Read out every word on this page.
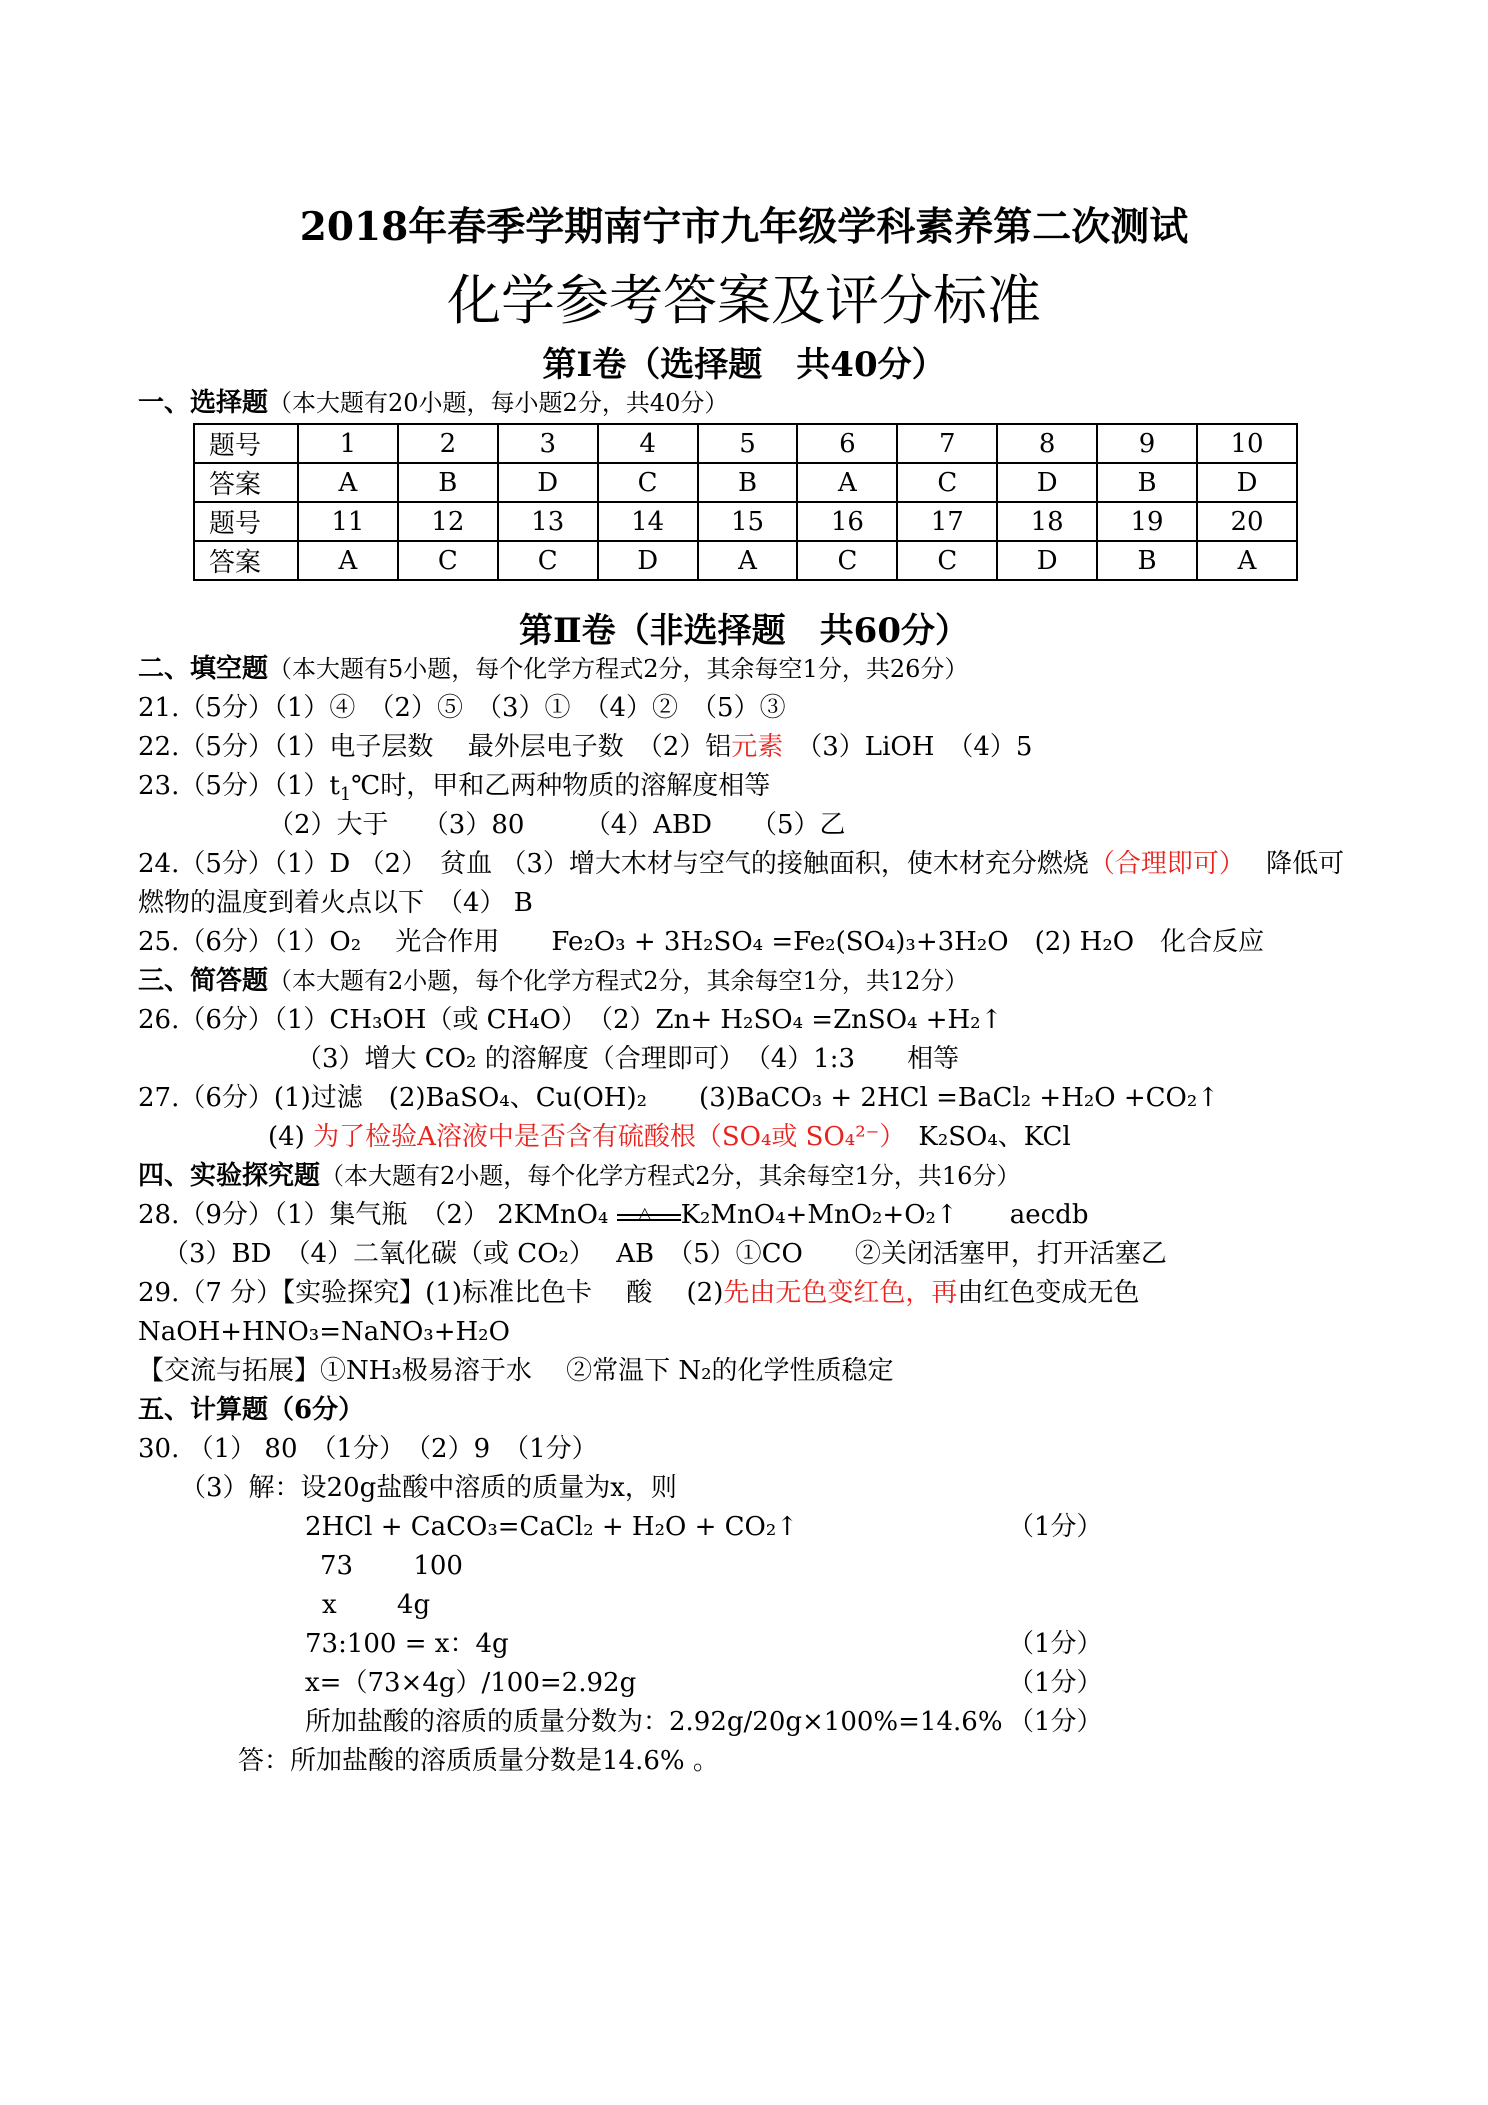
2018年春季学期南宁市九年级学科素养第二次测试
化学参考答案及评分标准
第Ⅰ卷（选择题　共40分）
一、选择题（本大题有20小题，每小题2分，共40分）
题号	1	2	3	4	5	6	7	8	9	10
答案	A	B	D	C	B	A	C	D	B	D
题号	11	12	13	14	15	16	17	18	19	20
答案	A	C	C	D	A	C	C	D	B	A
第Ⅱ卷（非选择题　共60分）
二、填空题（本大题有5小题，每个化学方程式2分，其余每空1分，共26分）
21.（5分）（1）④　（2）⑤　（3）①　（4）②　（5）③
22.（5分）（1）电子层数　 最外层电子数　（2）铝元素　（3）LiOH　（4）5
23.（5分）$(1)t_1℃$时，甲和乙两种物质的溶解度相等
（2）大于　 （3）80　　 （4）ABD　　（5）乙
24.（5分）（1）D （2）　贫血 （3）增大木材与空气的接触面积，使木材充分燃烧（合理即可）　 降低可
燃物的温度到着火点以下　（4） B
25.（6分）（1）O₂　 光合作用　　Fe₂O₃ + 3H₂SO₄ =Fe₂(SO₄)₃+3H₂O　(2) H₂O　化合反应
三、简答题（本大题有2小题，每个化学方程式2分，其余每空1分，共12分）
26.（6分）（1）CH₃OH（或 CH₄O）　（2）Zn+ H₂SO₄ =ZnSO₄ +H₂↑
（3）增大 CO₂ 的溶解度（合理即可）　（4）1:3　　相等
27.（6分）(1)过滤　(2)BaSO₄、Cu(OH)₂　　(3)BaCO₃ + 2HCl =BaCl₂ +H₂O +CO₂↑
(4) 为了检验A溶液中是否含有硫酸根（SO₄或 SO₄²⁻）　K₂SO₄、KCl
四、实验探究题（本大题有2小题，每个化学方程式2分，其余每空1分，共16分）
28.（9分）（1）集气瓶　（2） 2KMnO₄ △ K₂MnO₄+MnO₂+O₂↑　　aecdb
（3）BD　（4）二氧化碳（或 CO₂）　 AB　（5）①CO　　②关闭活塞甲，打开活塞乙
29.（7 分）【实验探究】(1)标准比色卡　 酸　 (2)先由无色变红色，再由红色变成无色
NaOH+HNO₃=NaNO₃+H₂O
【交流与拓展】①NH₃极易溶于水　 ②常温下 N₂的化学性质稳定
五、计算题（6分）
30. （1） 80　（1分）　（2）9　（1分）
（3）解：设20g盐酸中溶质的质量为x，则
2HCl + CaCO₃=CaCl₂ + H₂O + CO₂↑	（1分）
73　　 100
x　　 4g
73:100 = x：4g	（1分）
x=（73×4g）/100=2.92g	（1分）
所加盐酸的溶质的质量分数为：2.92g/20g×100%=14.6% （1分）
答：所加盐酸的溶质质量分数是14.6% 。
